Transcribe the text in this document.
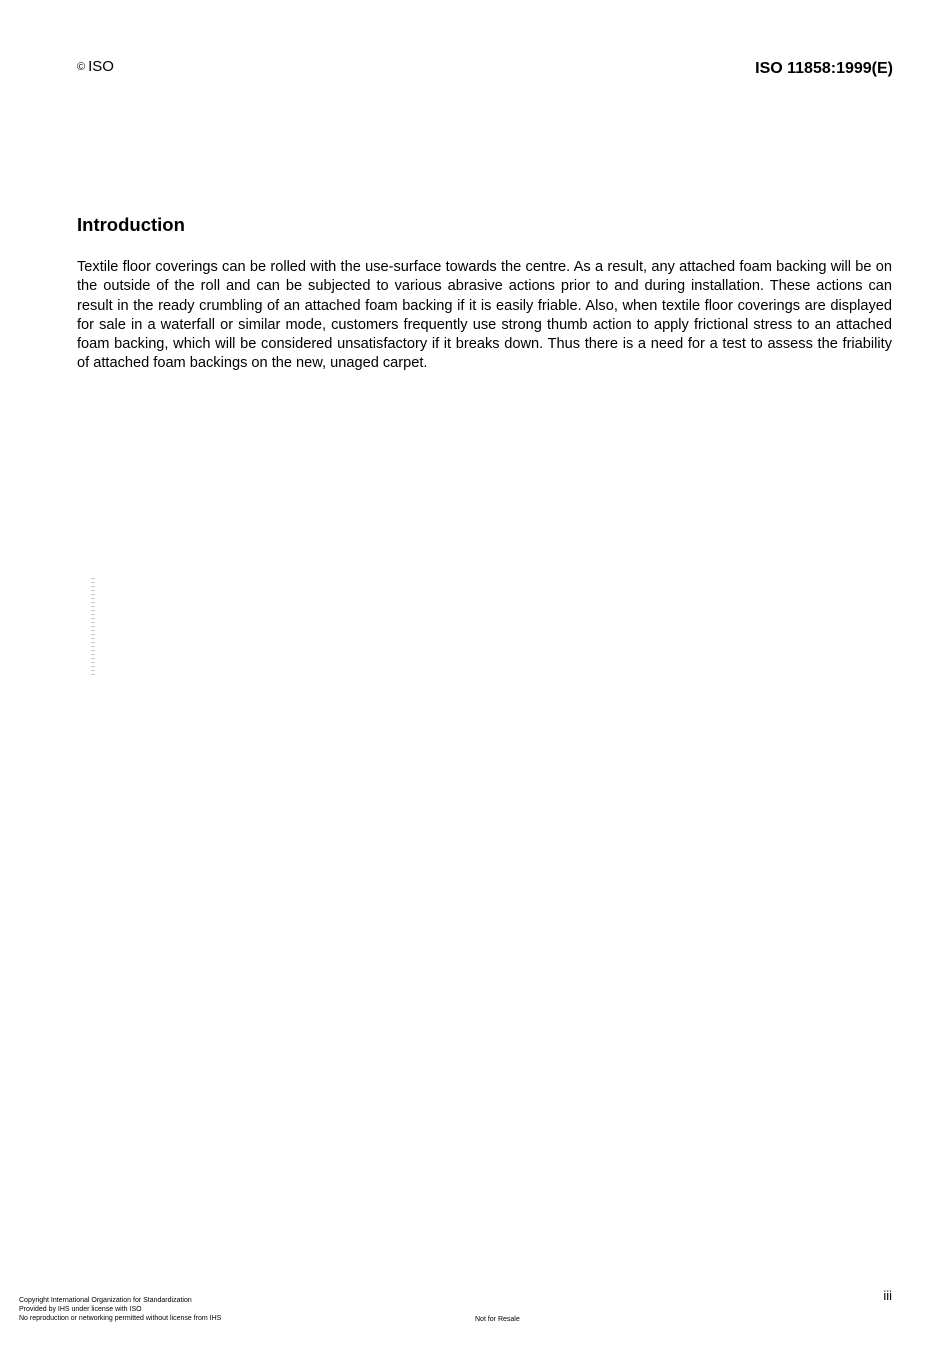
© ISO	ISO 11858:1999(E)
Introduction

Textile floor coverings can be rolled with the use-surface towards the centre. As a result, any attached foam backing will be on the outside of the roll and can be subjected to various abrasive actions prior to and during installation. These actions can result in the ready crumbling of an attached foam backing if it is easily friable. Also, when textile floor coverings are displayed for sale in a waterfall or similar mode, customers frequently use strong thumb action to apply frictional stress to an attached foam backing, which will be considered unsatisfactory if it breaks down. Thus there is a need for a test to assess the friability of attached foam backings on the new, unaged carpet.

iii
Copyright International Organization for Standardization
Provided by IHS under license with ISO
No reproduction or networking permitted without license from IHS	Not for Resale
